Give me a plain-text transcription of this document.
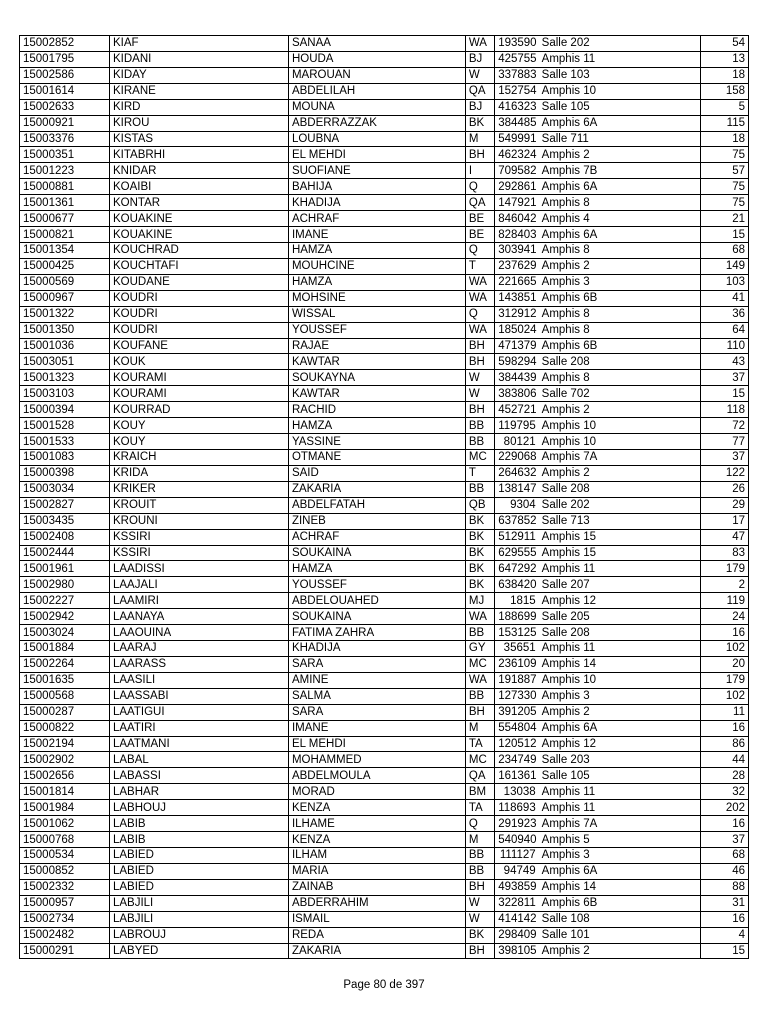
15002852	KIAF	SANAA	WA	193590	Salle 202	54
15001795	KIDANI	HOUDA	BJ	425755	Amphis 11	13
15002586	KIDAY	MAROUAN	W	337883	Salle 103	18
15001614	KIRANE	ABDELILAH	QA	152754	Amphis 10	158
15002633	KIRD	MOUNA	BJ	416323	Salle 105	5
15000921	KIROU	ABDERRAZZAK	BK	384485	Amphis 6A	115
15003376	KISTAS	LOUBNA	M	549991	Salle 711	18
15000351	KITABRHI	EL MEHDI	BH	462324	Amphis 2	75
15001223	KNIDAR	SUOFIANE	I	709582	Amphis 7B	57
15000881	KOAIBI	BAHIJA	Q	292861	Amphis 6A	75
15001361	KONTAR	KHADIJA	QA	147921	Amphis 8	75
15000677	KOUAKINE	ACHRAF	BE	846042	Amphis 4	21
15000821	KOUAKINE	IMANE	BE	828403	Amphis 6A	15
15001354	KOUCHRAD	HAMZA	Q	303941	Amphis 8	68
15000425	KOUCHTAFI	MOUHCINE	T	237629	Amphis 2	149
15000569	KOUDANE	HAMZA	WA	221665	Amphis 3	103
15000967	KOUDRI	MOHSINE	WA	143851	Amphis 6B	41
15001322	KOUDRI	WISSAL	Q	312912	Amphis 8	36
15001350	KOUDRI	YOUSSEF	WA	185024	Amphis 8	64
15001036	KOUFANE	RAJAE	BH	471379	Amphis 6B	110
15003051	KOUK	KAWTAR	BH	598294	Salle 208	43
15001323	KOURAMI	SOUKAYNA	W	384439	Amphis 8	37
15003103	KOURAMI	KAWTAR	W	383806	Salle 702	15
15000394	KOURRAD	RACHID	BH	452721	Amphis 2	118
15001528	KOUY	HAMZA	BB	119795	Amphis 10	72
15001533	KOUY	YASSINE	BB	80121	Amphis 10	77
15001083	KRAICH	OTMANE	MC	229068	Amphis 7A	37
15000398	KRIDA	SAID	T	264632	Amphis 2	122
15003034	KRIKER	ZAKARIA	BB	138147	Salle 208	26
15002827	KROUIT	ABDELFATAH	QB	9304	Salle 202	29
15003435	KROUNI	ZINEB	BK	637852	Salle 713	17
15002408	KSSIRI	ACHRAF	BK	512911	Amphis 15	47
15002444	KSSIRI	SOUKAINA	BK	629555	Amphis 15	83
15001961	LAADISSI	HAMZA	BK	647292	Amphis 11	179
15002980	LAAJALI	YOUSSEF	BK	638420	Salle 207	2
15002227	LAAMIRI	ABDELOUAHED	MJ	1815	Amphis 12	119
15002942	LAANAYA	SOUKAINA	WA	188699	Salle 205	24
15003024	LAAOUINA	FATIMA ZAHRA	BB	153125	Salle 208	16
15001884	LAARAJ	KHADIJA	GY	35651	Amphis 11	102
15002264	LAARASS	SARA	MC	236109	Amphis 14	20
15001635	LAASILI	AMINE	WA	191887	Amphis 10	179
15000568	LAASSABI	SALMA	BB	127330	Amphis 3	102
15000287	LAATIGUI	SARA	BH	391205	Amphis 2	11
15000822	LAATIRI	IMANE	M	554804	Amphis 6A	16
15002194	LAATMANI	EL MEHDI	TA	120512	Amphis 12	86
15002902	LABAL	MOHAMMED	MC	234749	Salle 203	44
15002656	LABASSI	ABDELMOULA	QA	161361	Salle 105	28
15001814	LABHAR	MORAD	BM	13038	Amphis 11	32
15001984	LABHOUJ	KENZA	TA	118693	Amphis 11	202
15001062	LABIB	ILHAME	Q	291923	Amphis 7A	16
15000768	LABIB	KENZA	M	540940	Amphis 5	37
15000534	LABIED	ILHAM	BB	111127	Amphis 3	68
15000852	LABIED	MARIA	BB	94749	Amphis 6A	46
15002332	LABIED	ZAINAB	BH	493859	Amphis 14	88
15000957	LABJILI	ABDERRAHIM	W	322811	Amphis 6B	31
15002734	LABJILI	ISMAIL	W	414142	Salle 108	16
15002482	LABROUJ	REDA	BK	298409	Salle 101	4
15000291	LABYED	ZAKARIA	BH	398105	Amphis 2	15
Page 80 de 397
